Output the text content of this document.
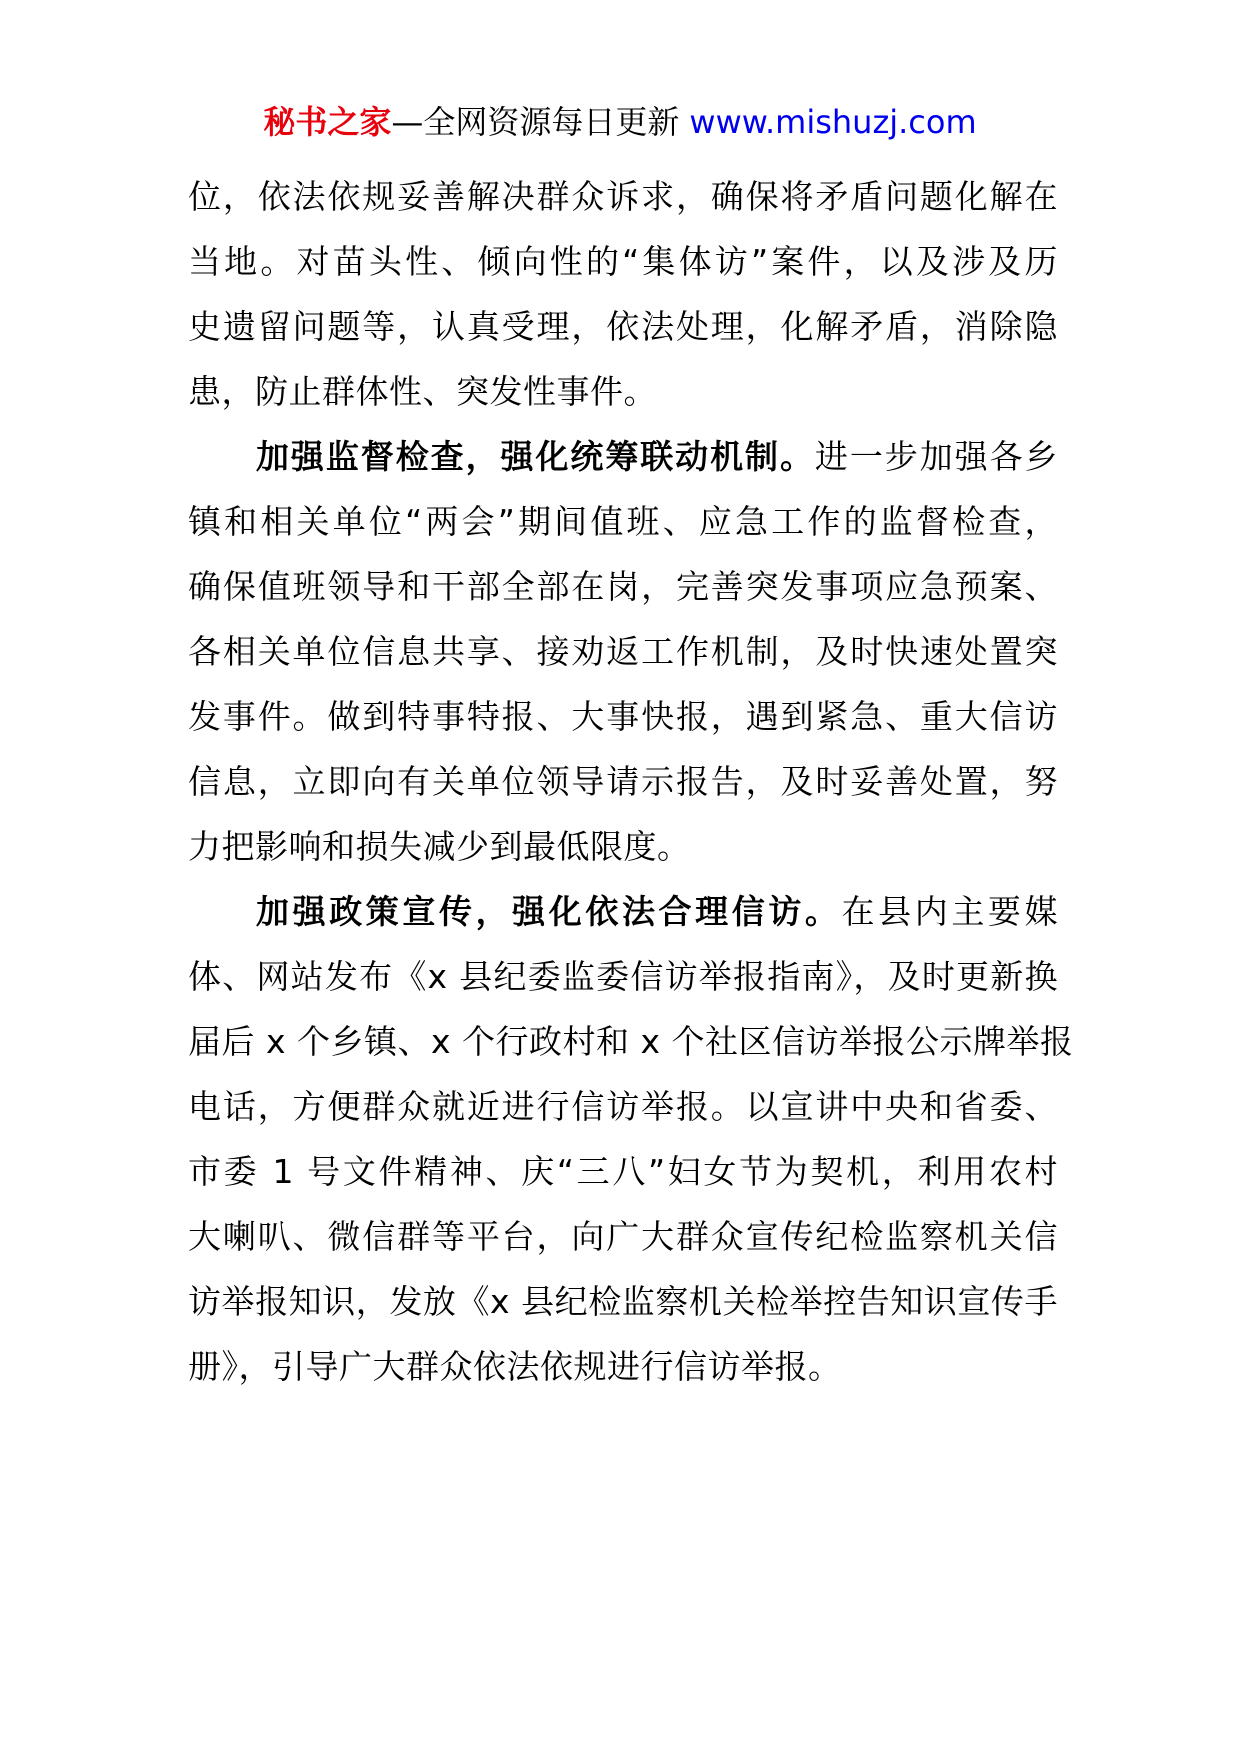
秘书之家—全网资源每日更新 www.mishuzj.com
位，依法依规妥善解决群众诉求，确保将矛盾问题化解在
当地。对苗头性、倾向性的“集体访”案件，以及涉及历
史遗留问题等，认真受理，依法处理，化解矛盾，消除隐
患，防止群体性、突发性事件。
加强监督检查，强化统筹联动机制。进一步加强各乡
镇和相关单位“两会”期间值班、应急工作的监督检查，
确保值班领导和干部全部在岗，完善突发事项应急预案、
各相关单位信息共享、接劝返工作机制，及时快速处置突
发事件。做到特事特报、大事快报，遇到紧急、重大信访
信息，立即向有关单位领导请示报告，及时妥善处置，努
力把影响和损失减少到最低限度。
加强政策宣传，强化依法合理信访。在县内主要媒
体、网站发布《x 县纪委监委信访举报指南》，及时更新换
届后 x 个乡镇、x 个行政村和 x 个社区信访举报公示牌举报
电话，方便群众就近进行信访举报。以宣讲中央和省委、
市委 1 号文件精神、庆“三八”妇女节为契机，利用农村
大喇叭、微信群等平台，向广大群众宣传纪检监察机关信
访举报知识，发放《x 县纪检监察机关检举控告知识宣传手
册》，引导广大群众依法依规进行信访举报。
